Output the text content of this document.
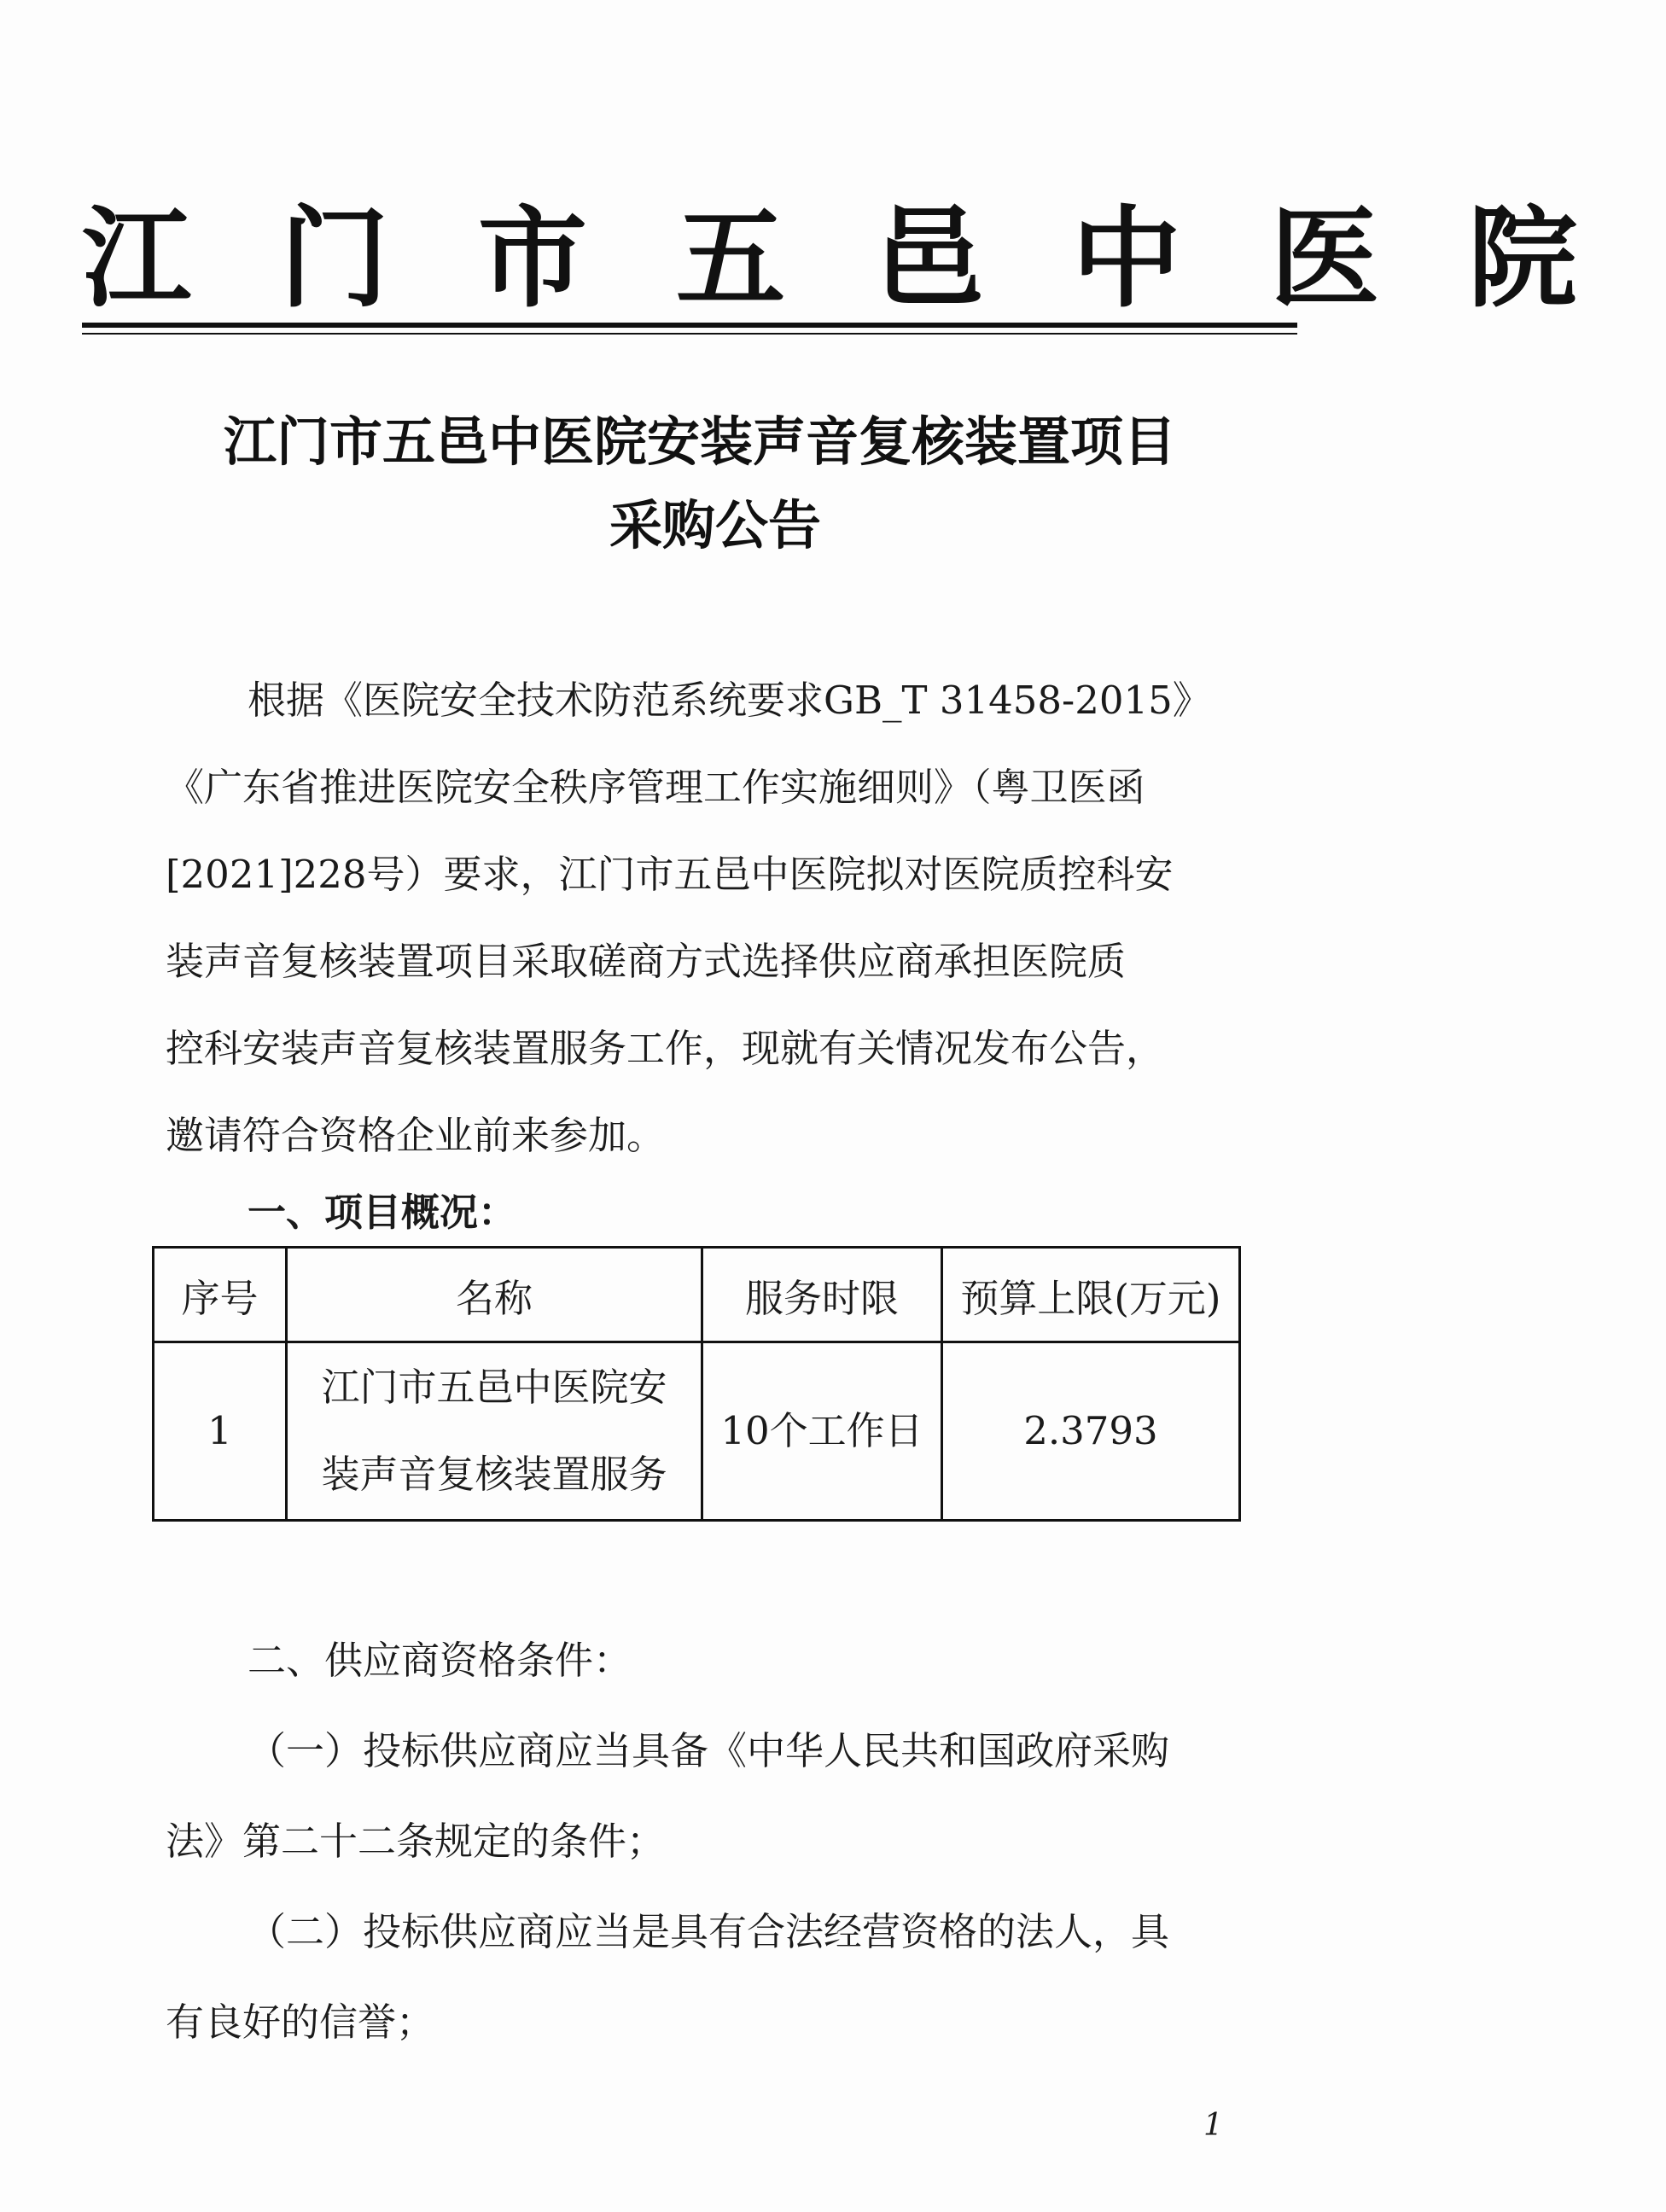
江门市五邑中医院
江门市五邑中医院安装声音复核装置项目
采购公告

根据《医院安全技术防范系统要求GB_T 31458-2015》

《广东省推进医院安全秩序管理工作实施细则》（粤卫医函

[2021]228号）要求，江门市五邑中医院拟对医院质控科安

装声音复核装置项目采取磋商方式选择供应商承担医院质

控科安装声音复核装置服务工作，现就有关情况发布公告，

邀请符合资格企业前来参加。

一、项目概况：
序号	名称	服务时限	预算上限(万元)
1	江门市五邑中医院安装声音复核装置服务	10个工作日	2.3793

二、供应商资格条件：

（一）投标供应商应当具备《中华人民共和国政府采购

法》第二十二条规定的条件；

（二）投标供应商应当是具有合法经营资格的法人，具

有良好的信誉；

1
